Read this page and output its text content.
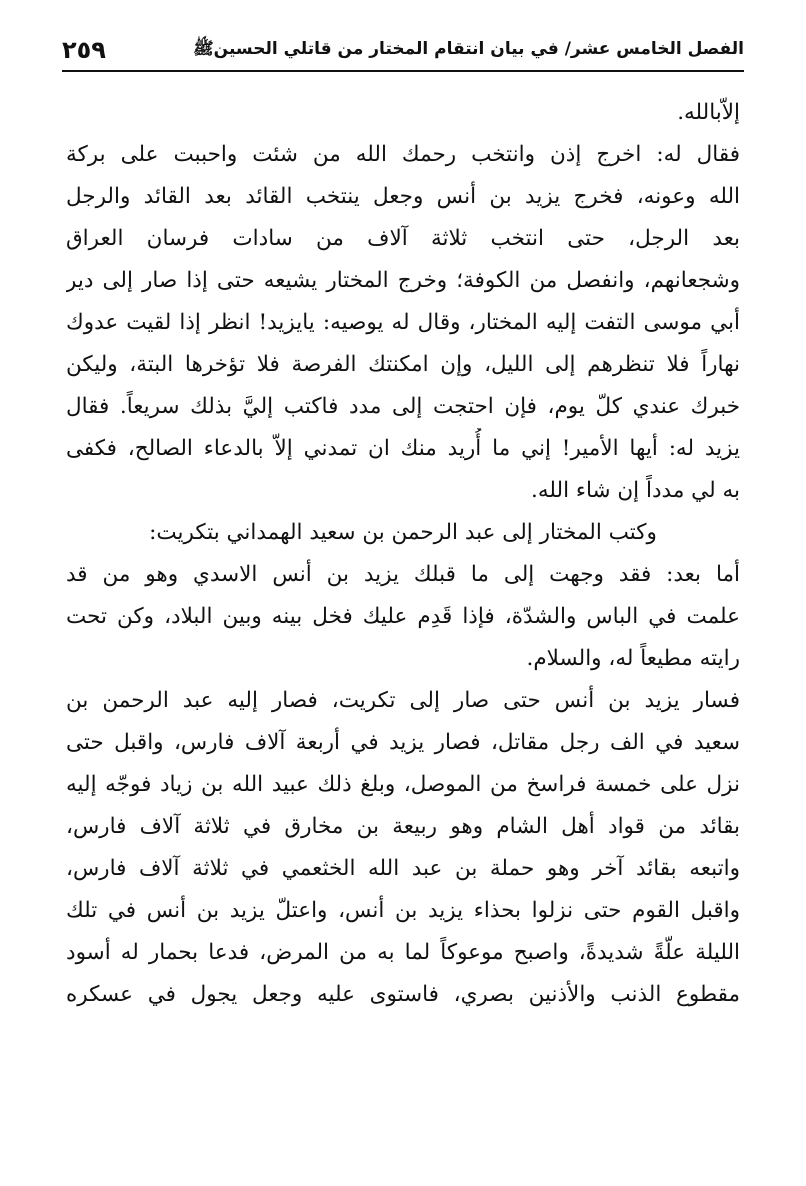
٢٥٩	الفصل الخامس عشر/ في بيان انتقام المختار من قاتلي الحسينﷺ
إلاّبالله.
فقال له: اخرج إذن وانتخب رحمك الله من شئت واحببت على بركة
الله وعونه، فخرج يزيد بن أنس وجعل ينتخب القائد بعد القائد والرجل
بعد الرجل، حتى انتخب ثلاثة آلاف من سادات فرسان العراق
وشجعانهم، وانفصل من الكوفة؛ وخرج المختار يشيعه حتى إذا صار إلى دير
أبي موسى التفت إليه المختار، وقال له يوصيه: يايزيد! انظر إذا لقيت عدوك
نهاراً فلا تنظرهم إلى الليل، وإن امكنتك الفرصة فلا تؤخرها البتة، وليكن
خبرك عندي كلّ يوم، فإن احتجت إلى مدد فاكتب إليَّ بذلك سريعاً. فقال
يزيد له: أيها الأمير! إني ما أُريد منك ان تمدني إلاّ بالدعاء الصالح، فكفى
به لي مدداً إن شاء الله.
وكتب المختار إلى عبد الرحمن بن سعيد الهمداني بتكريت:
أما بعد: فقد وجهت إلى ما قبلك يزيد بن أنس الاسدي وهو من قد
علمت في الباس والشدّة، فإذا قَدِم عليك فخل بينه وبين البلاد، وكن تحت
رايته مطيعاً له، والسلام.
فسار يزيد بن أنس حتى صار إلى تكريت، فصار إليه عبد الرحمن بن
سعيد في الف رجل مقاتل، فصار يزيد في أربعة آلاف فارس، واقبل حتى
نزل على خمسة فراسخ من الموصل، وبلغ ذلك عبيد الله بن زياد فوجّه إليه
بقائد من قواد أهل الشام وهو ربيعة بن مخارق في ثلاثة آلاف فارس،
واتبعه بقائد آخر وهو حملة بن عبد الله الخثعمي في ثلاثة آلاف فارس،
واقبل القوم حتى نزلوا بحذاء يزيد بن أنس، واعتلّ يزيد بن أنس في تلك
الليلة علّةً شديدةً، واصبح موعوكاً لما به من المرض، فدعا بحمار له أسود
مقطوع الذنب والأذنين بصري، فاستوى عليه وجعل يجول في عسكره
